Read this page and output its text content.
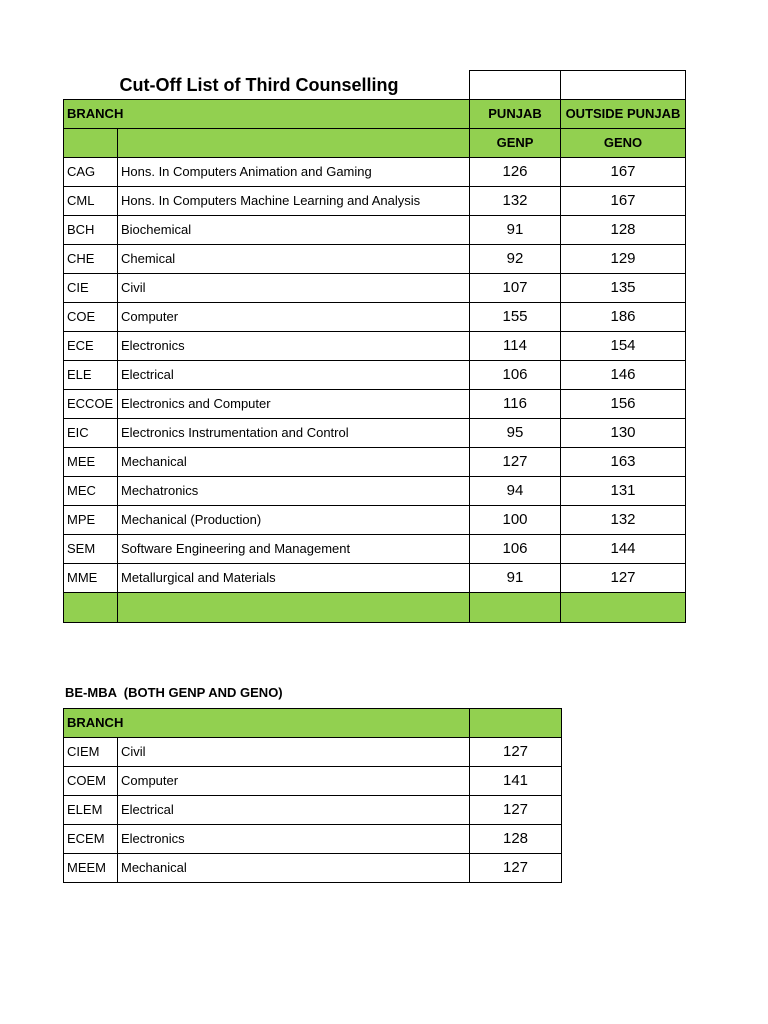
Cut-Off List of Third Counselling			
BRANCH		PUNJAB	OUTSIDE PUNJAB
		GENP	GENO
CAG	Hons. In Computers Animation and Gaming	126	167
CML	Hons. In Computers Machine Learning and Analysis	132	167
BCH	Biochemical	91	128
CHE	Chemical	92	129
CIE	Civil	107	135
COE	Computer	155	186
ECE	Electronics	114	154
ELE	Electrical	106	146
ECCOE	Electronics and Computer	116	156
EIC	Electronics Instrumentation and Control	95	130
MEE	Mechanical	127	163
MEC	Mechatronics	94	131
MPE	Mechanical (Production)	100	132
SEM	Software Engineering and Management	106	144
MME	Metallurgical and Materials	91	127

BE-MBA  (BOTH GENP AND GENO)
BRANCH		
CIEM	Civil	127
COEM	Computer	141
ELEM	Electrical	127
ECEM	Electronics	128
MEEM	Mechanical	127
